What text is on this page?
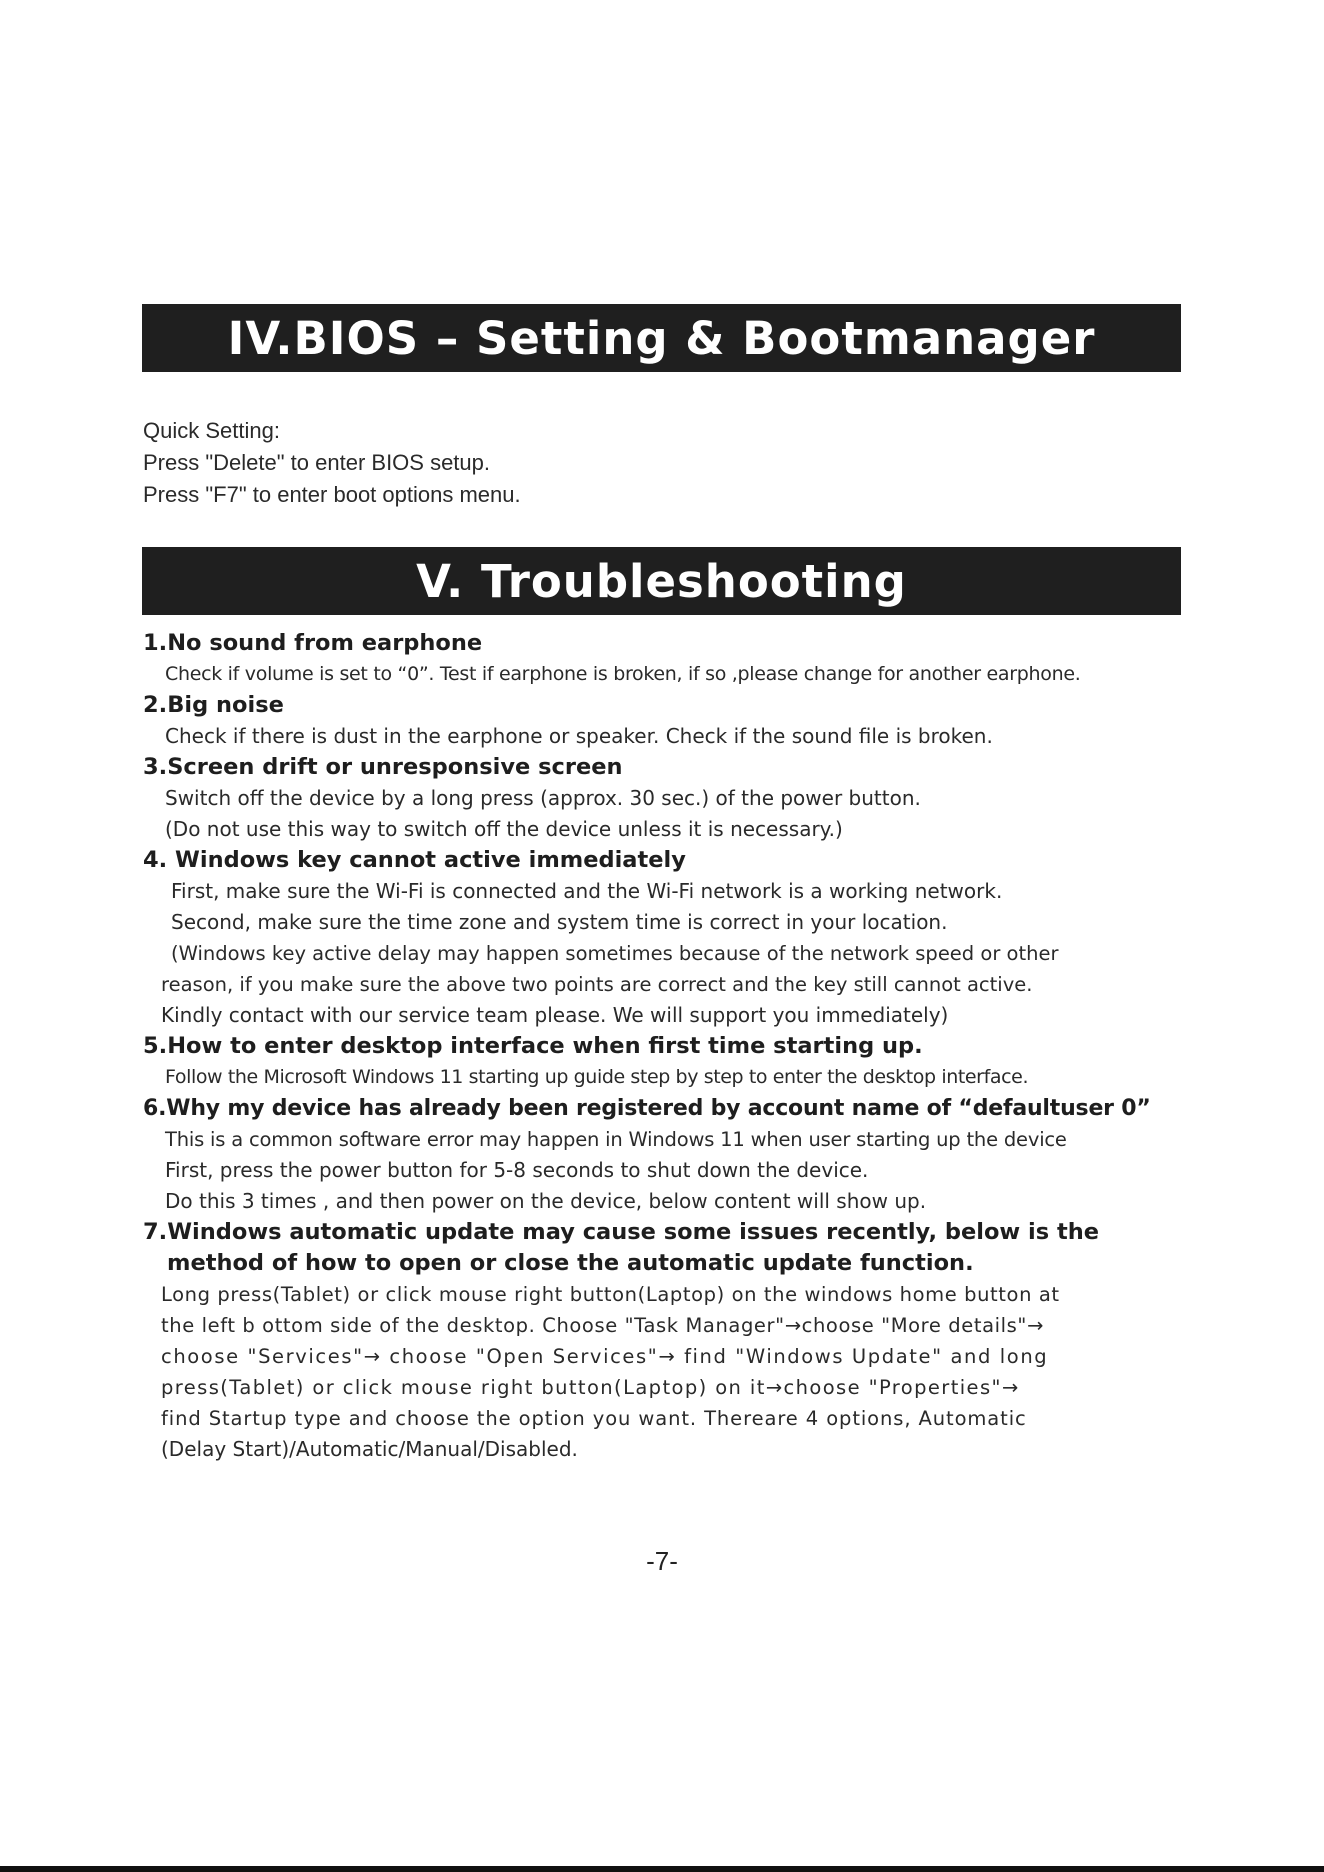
IV.BIOS – Setting & Bootmanager
Quick Setting:
Press "Delete" to enter BIOS setup.
Press "F7" to enter boot options menu.
V. Troubleshooting
1.No sound from earphone
Check if volume is set to “0”. Test if earphone is broken, if so ,please change for another earphone.
2.Big noise
Check if there is dust in the earphone or speaker. Check if the sound file is broken.
3.Screen drift or unresponsive screen
Switch off the device by a long press (approx. 30 sec.) of the power button.
(Do not use this way to switch off the device unless it is necessary.)
4. Windows key cannot active immediately
First, make sure the Wi-Fi is connected and the Wi-Fi network is a working network.
Second, make sure the time zone and system time is correct in your location.
(Windows key active delay may happen sometimes because of the network speed or other
reason, if you make sure the above two points are correct and the key still cannot active.
Kindly contact with our service team please. We will support you immediately)
5.How to enter desktop interface when first time starting up.
Follow the Microsoft Windows 11 starting up guide step by step to enter the desktop interface.
6.Why my device has already been registered by account name of “defaultuser 0”
This is a common software error may happen in Windows 11 when user starting up the device
First, press the power button for 5-8 seconds to shut down the device.
Do this 3 times , and then power on the device, below content will show up.
7.Windows automatic update may cause some issues recently, below is the
method of how to open or close the automatic update function.
Long press(Tablet) or click mouse right button(Laptop) on the windows home button at
the left b ottom side of the desktop. Choose "Task Manager"→choose "More details"→
choose "Services"→ choose "Open Services"→ find "Windows Update" and long
press(Tablet) or click mouse right button(Laptop) on it→choose "Properties"→
find Startup type and choose the option you want. Thereare 4 options, Automatic
(Delay Start)/Automatic/Manual/Disabled.
-7-
